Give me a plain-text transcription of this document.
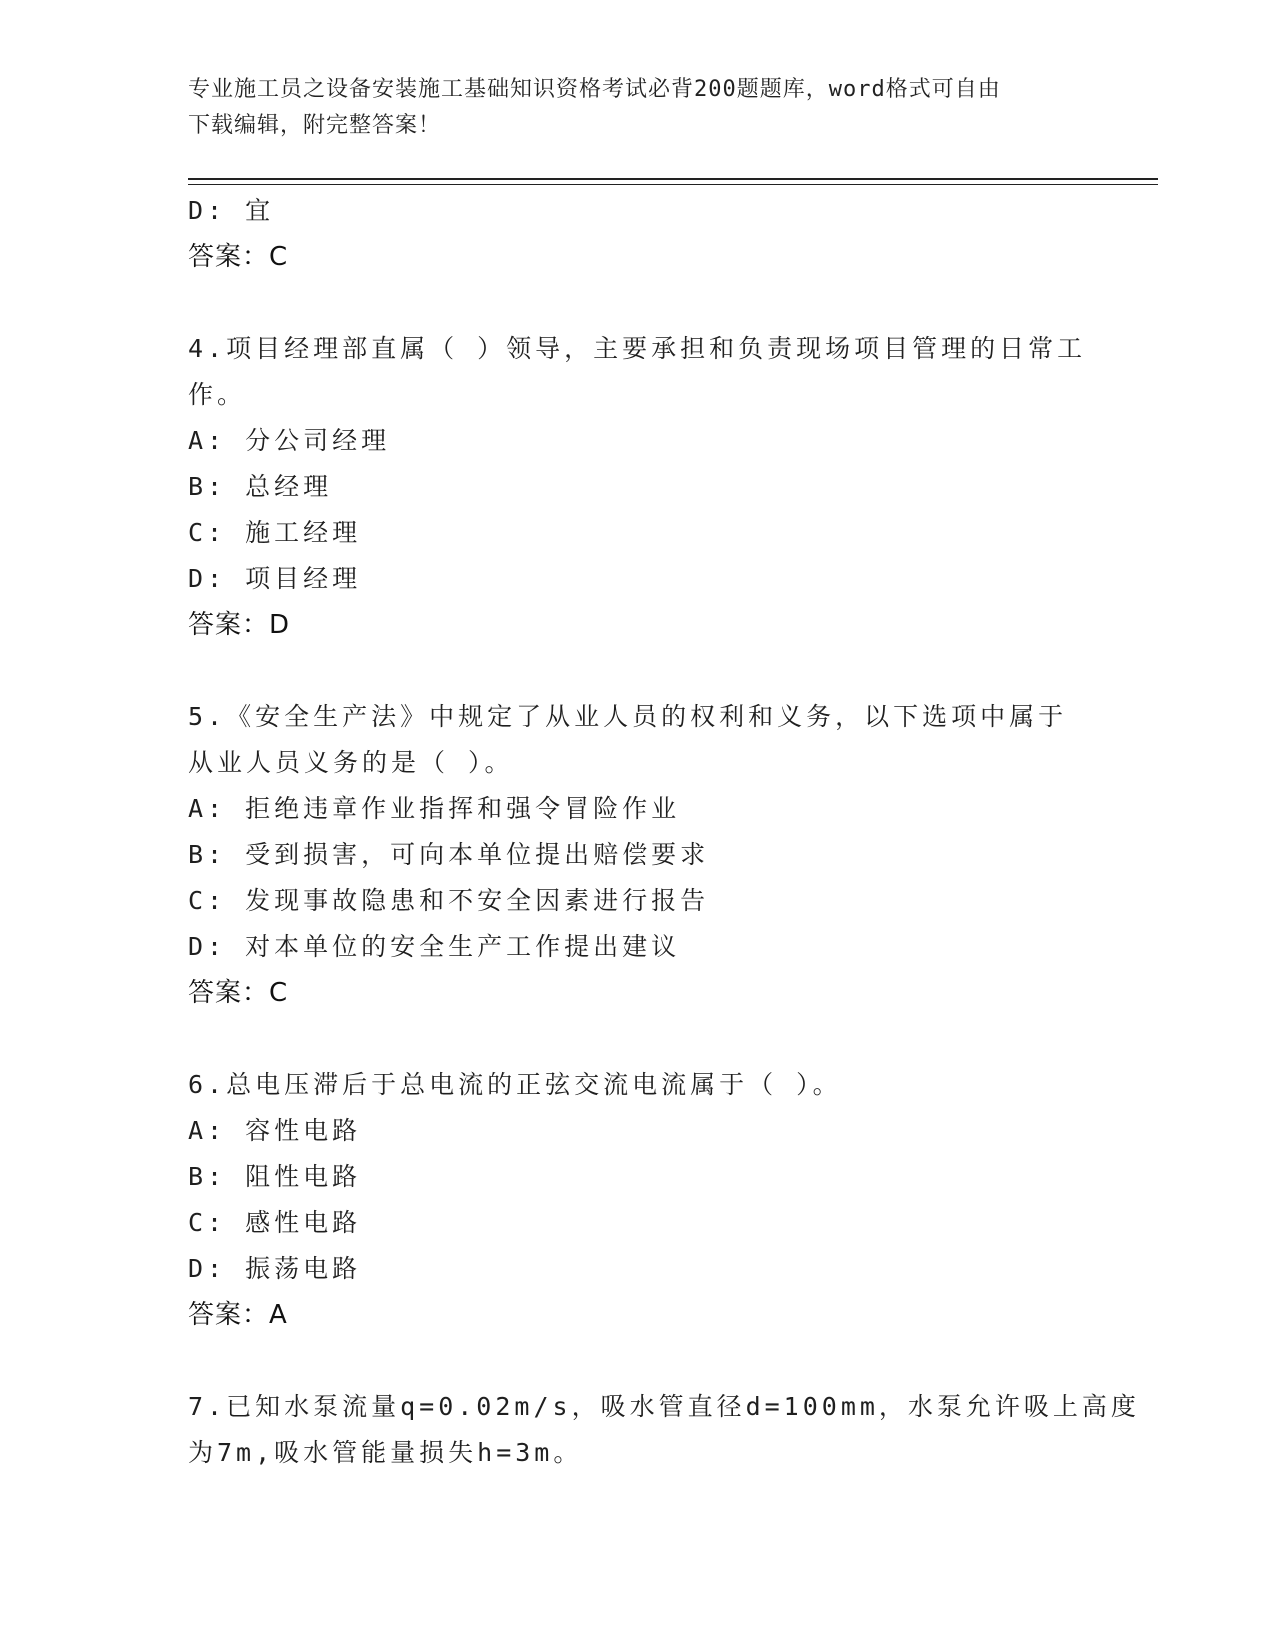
专业施工员之设备安装施工基础知识资格考试必背200题题库，word格式可自由
下载编辑，附完整答案！
D: 宜
答案：C
4.项目经理部直属（ ）领导，主要承担和负责现场项目管理的日常工
作。
A: 分公司经理
B: 总经理
C: 施工经理
D: 项目经理
答案：D
5.《安全生产法》中规定了从业人员的权利和义务，以下选项中属于
从业人员义务的是（ ）。
A: 拒绝违章作业指挥和强令冒险作业
B: 受到损害，可向本单位提出赔偿要求
C: 发现事故隐患和不安全因素进行报告
D: 对本单位的安全生产工作提出建议
答案：C
6.总电压滞后于总电流的正弦交流电流属于（ ）。
A: 容性电路
B: 阻性电路
C: 感性电路
D: 振荡电路
答案：A
7.已知水泵流量q=0.02m/s，吸水管直径d=100mm，水泵允许吸上高度
为7m,吸水管能量损失h=3m。
